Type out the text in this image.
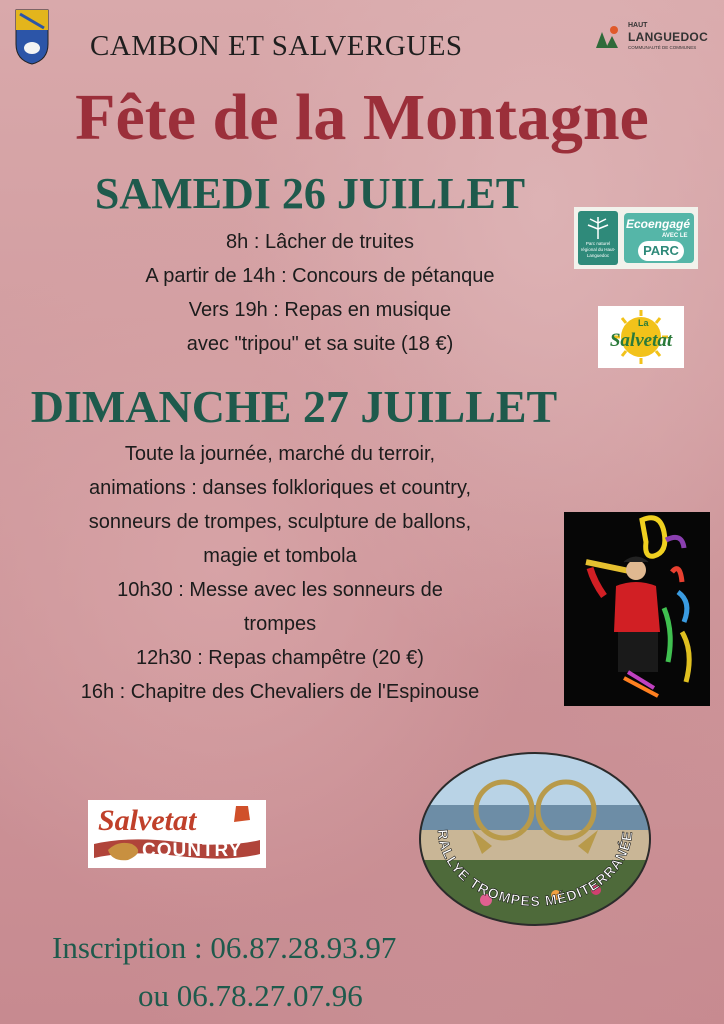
CAMBON ET SALVERGUES
HAUT
LANGUEDOC
COMMUNAUTÉ DE COMMUNES
Fête de la Montagne
SAMEDI 26 JUILLET
8h : Lâcher de truites
A partir de 14h : Concours de pétanque
Vers 19h : Repas en musique
avec "tripou" et sa suite (18 €)
DIMANCHE 27 JUILLET
Toute la journée, marché du terroir,
animations : danses folkloriques et country,
sonneurs de trompes, sculpture de ballons,
magie et tombola
10h30 : Messe avec les sonneurs de
trompes
12h30 : Repas champêtre (20 €)
16h : Chapitre des Chevaliers de l'Espinouse
Parc naturel régional du Haut-Languedoc
Ecoengagé
AVEC LE
PARC
La
Salvetat
Salvetat
COUNTRY
RALLYE TROMPES MÉDITERRANÉE
Inscription : 06.87.28.93.97
ou 06.78.27.07.96
